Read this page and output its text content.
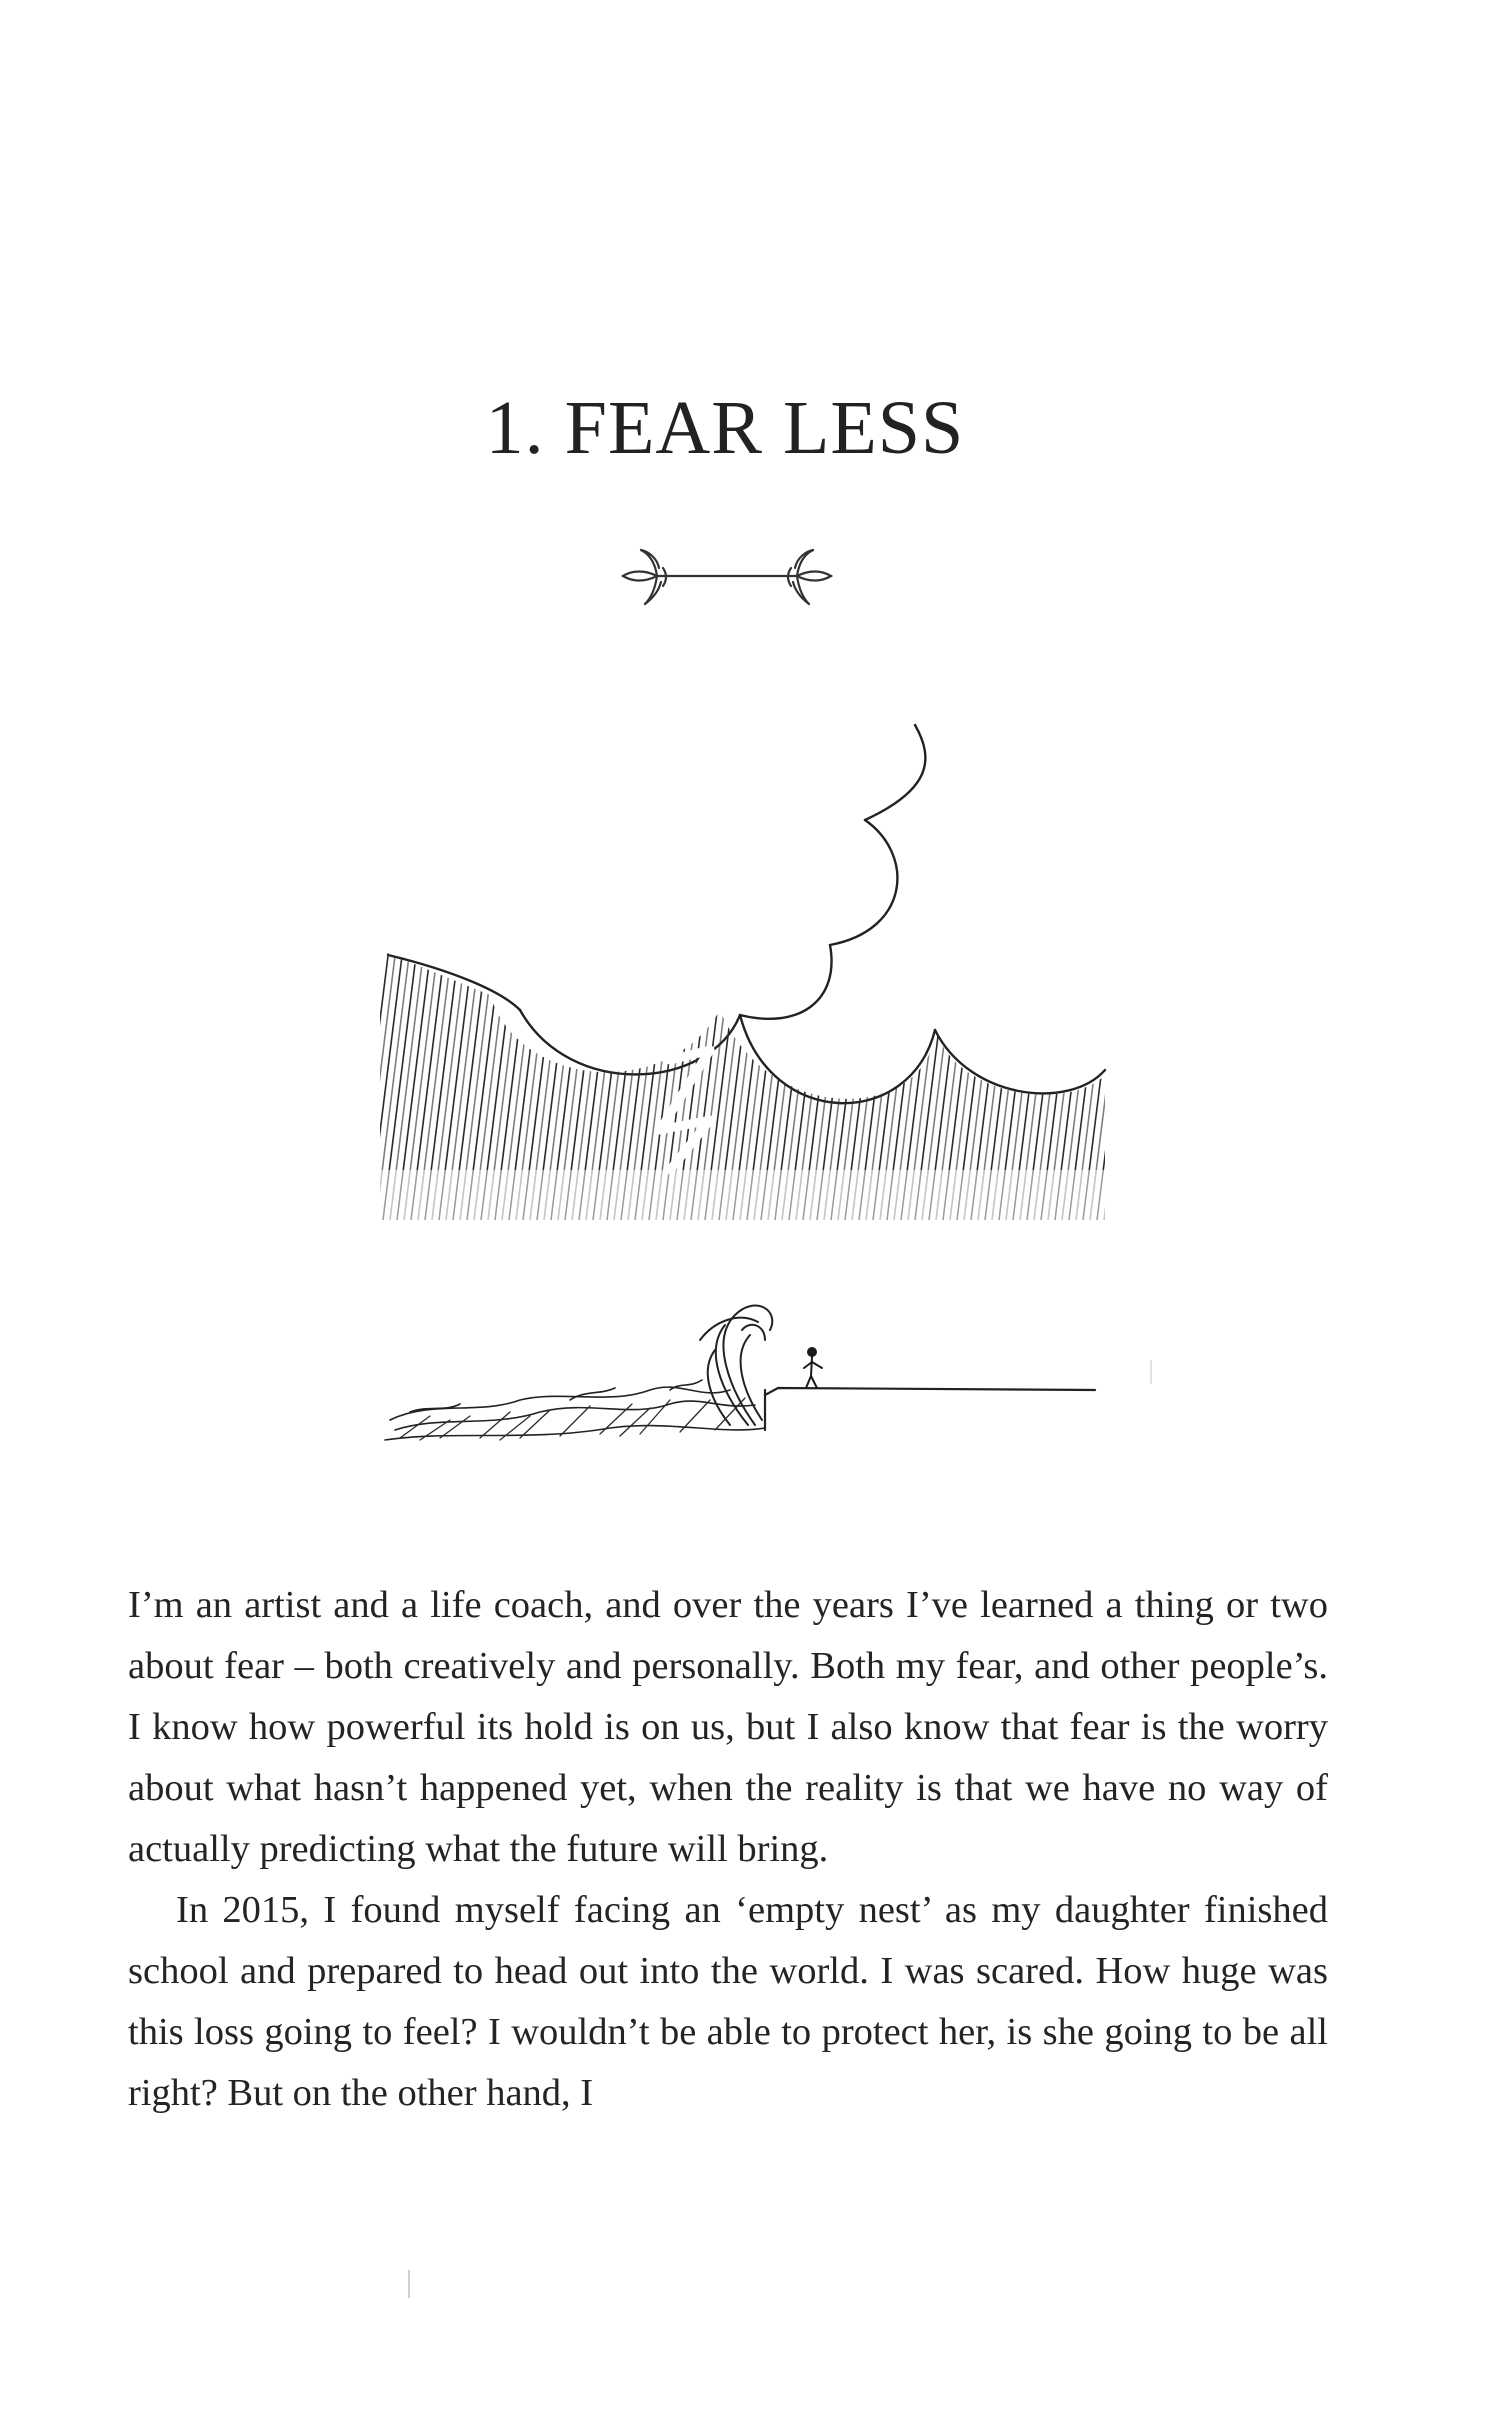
1. FEAR LESS

I’m an artist and a life coach, and over the years I’ve learned a thing or two about fear – both creatively and personally. Both my fear, and other people’s. I know how powerful its hold is on us, but I also know that fear is the worry about what hasn’t happened yet, when the reality is that we have no way of actually predicting what the future will bring.

In 2015, I found myself facing an ‘empty nest’ as my daughter finished school and prepared to head out into the world. I was scared. How huge was this loss going to feel? I wouldn’t be able to protect her, is she going to be all right? But on the other hand, I
